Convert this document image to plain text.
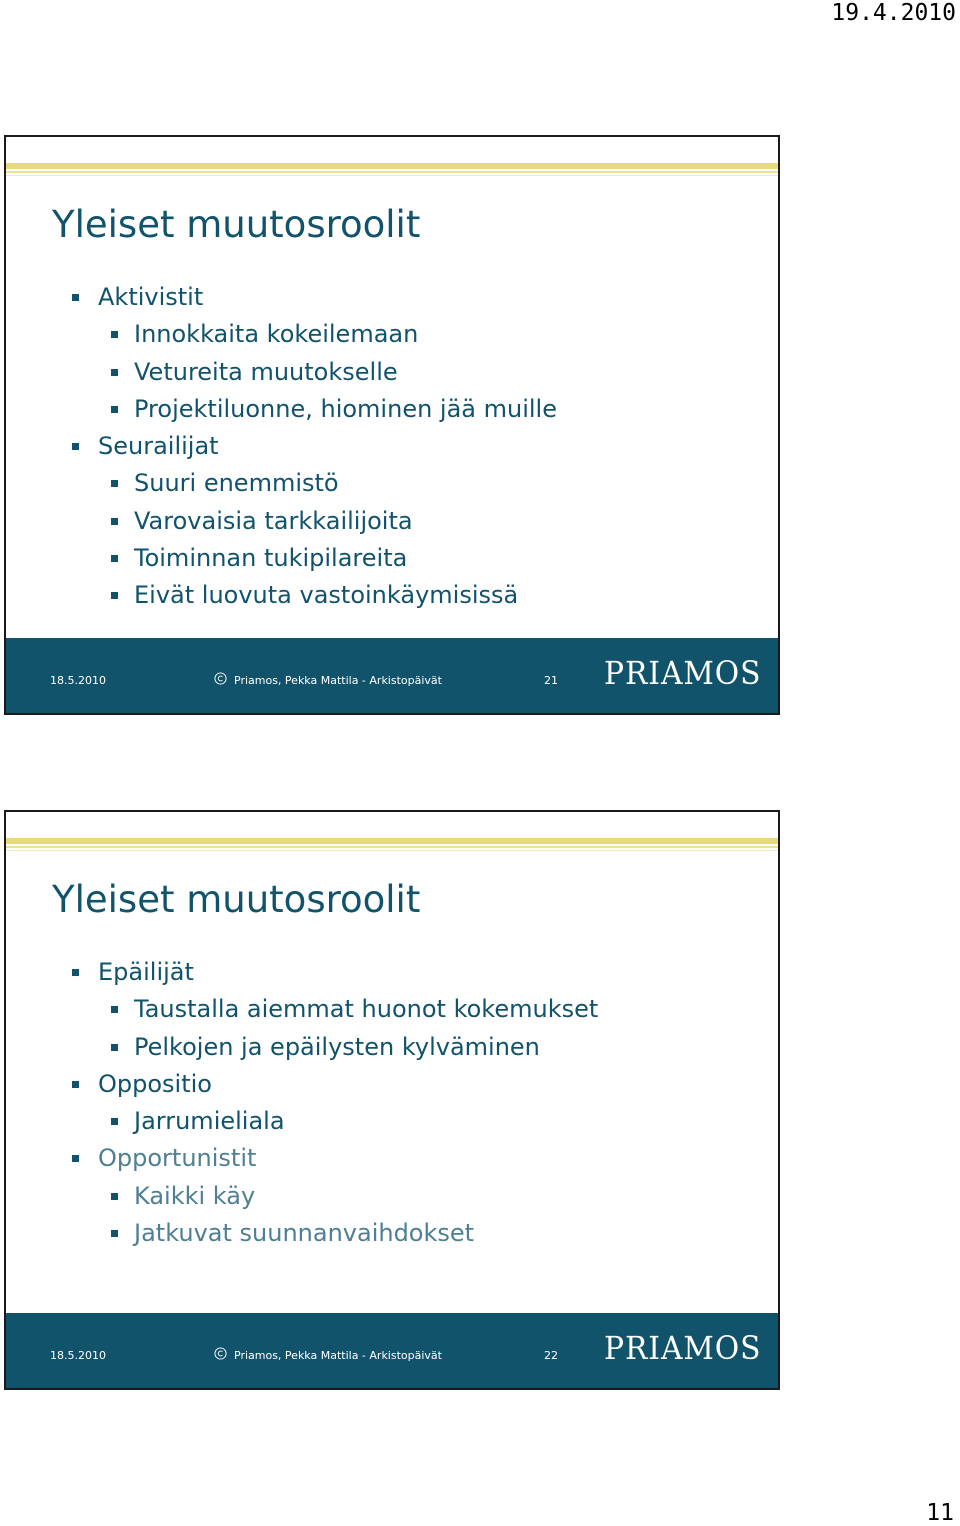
19.4.2010
Yleiset muutosroolit
Aktivistit
Innokkaita kokeilemaan
Vetureita muutokselle
Projektiluonne, hiominen jää muille
Seurailijat
Suuri enemmistö
Varovaisia tarkkailijoita
Toiminnan tukipilareita
Eivät luovuta vastoinkäymisissä
18.5.2010	Priamos, Pekka Mattila - Arkistopäivät	21 PRIAMOS
Yleiset muutosroolit
Epäilijät
Taustalla aiemmat huonot kokemukset
Pelkojen ja epäilysten kylväminen
Oppositio
Jarrumieliala
Opportunistit
Kaikki käy
Jatkuvat suunnanvaihdokset
18.5.2010	Priamos, Pekka Mattila - Arkistopäivät	22 PRIAMOS
11
